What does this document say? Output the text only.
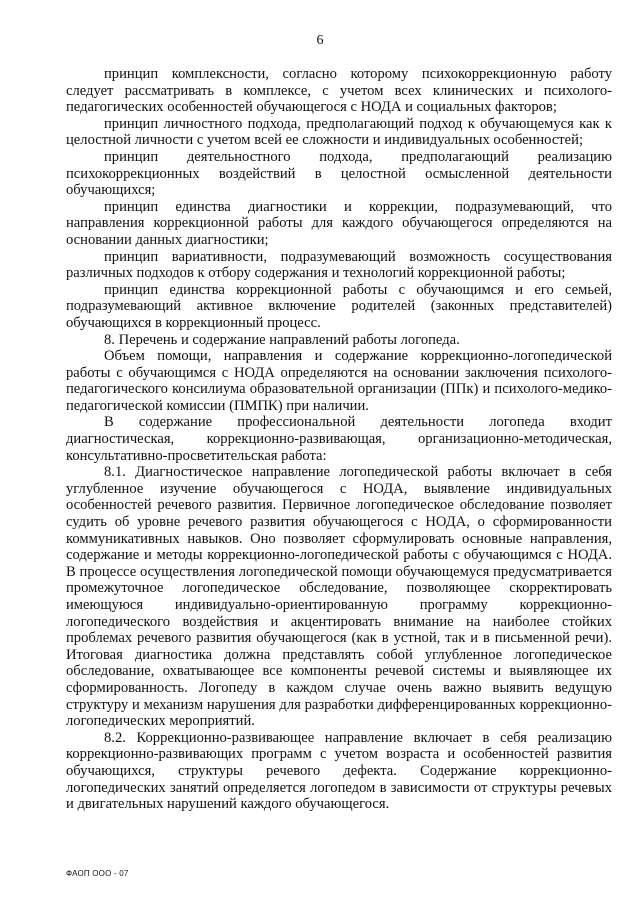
6

принцип комплексности, согласно которому психокоррекционную работу следует рассматривать в комплексе, с учетом всех клинических и психолого-педагогических особенностей обучающегося с НОДА и социальных факторов;

принцип личностного подхода, предполагающий подход к обучающемуся как к целостной личности с учетом всей ее сложности и индивидуальных особенностей;

принцип деятельностного подхода, предполагающий реализацию психокоррекционных воздействий в целостной осмысленной деятельности обучающихся;

принцип единства диагностики и коррекции, подразумевающий, что направления коррекционной работы для каждого обучающегося определяются на основании данных диагностики;

принцип вариативности, подразумевающий возможность сосуществования различных подходов к отбору содержания и технологий коррекционной работы;

принцип единства коррекционной работы с обучающимся и его семьей, подразумевающий активное включение родителей (законных представителей) обучающихся в коррекционный процесс.

8. Перечень и содержание направлений работы логопеда.

Объем помощи, направления и содержание коррекционно-логопедической работы с обучающимся с НОДА определяются на основании заключения психолого-педагогического консилиума образовательной организации (ППк) и психолого-медико-педагогической комиссии (ПМПК) при наличии.

В содержание профессиональной деятельности логопеда входит диагностическая, коррекционно-развивающая, организационно-методическая, консультативно-просветительская работа:

8.1. Диагностическое направление логопедической работы включает в себя углубленное изучение обучающегося с НОДА, выявление индивидуальных особенностей речевого развития. Первичное логопедическое обследование позволяет судить об уровне речевого развития обучающегося с НОДА, о сформированности коммуникативных навыков. Оно позволяет сформулировать основные направления, содержание и методы коррекционно-логопедической работы с обучающимся с НОДА. В процессе осуществления логопедической помощи обучающемуся предусматривается промежуточное логопедическое обследование, позволяющее скорректировать имеющуюся индивидуально-ориентированную программу коррекционно-логопедического воздействия и акцентировать внимание на наиболее стойких проблемах речевого развития обучающегося (как в устной, так и в письменной речи). Итоговая диагностика должна представлять собой углубленное логопедическое обследование, охватывающее все компоненты речевой системы и выявляющее их сформированность. Логопеду в каждом случае очень важно выявить ведущую структуру и механизм нарушения для разработки дифференцированных коррекционно-логопедических мероприятий.

8.2. Коррекционно-развивающее направление включает в себя реализацию коррекционно-развивающих программ с учетом возраста и особенностей развития обучающихся, структуры речевого дефекта. Содержание коррекционно-логопедических занятий определяется логопедом в зависимости от структуры речевых и двигательных нарушений каждого обучающегося.

ФАОП ООО - 07
